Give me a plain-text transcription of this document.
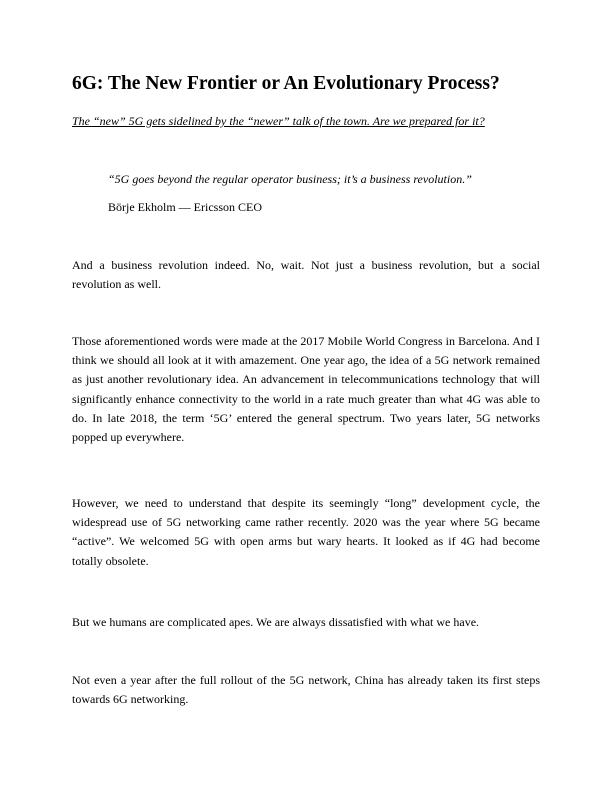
6G: The New Frontier or An Evolutionary Process?

The “new” 5G gets sidelined by the “newer” talk of the town. Are we prepared for it?

“5G goes beyond the regular operator business; it’s a business revolution.”

Börje Ekholm — Ericsson CEO

And a business revolution indeed. No, wait. Not just a business revolution, but a social revolution as well.

Those aforementioned words were made at the 2017 Mobile World Congress in Barcelona. And I think we should all look at it with amazement. One year ago, the idea of a 5G network remained as just another revolutionary idea. An advancement in telecommunications technology that will significantly enhance connectivity to the world in a rate much greater than what 4G was able to do. In late 2018, the term ‘5G’ entered the general spectrum. Two years later, 5G networks popped up everywhere.

However, we need to understand that despite its seemingly “long” development cycle, the widespread use of 5G networking came rather recently. 2020 was the year where 5G became “active”. We welcomed 5G with open arms but wary hearts. It looked as if 4G had become totally obsolete.

But we humans are complicated apes. We are always dissatisfied with what we have.

Not even a year after the full rollout of the 5G network, China has already taken its first steps towards 6G networking.
